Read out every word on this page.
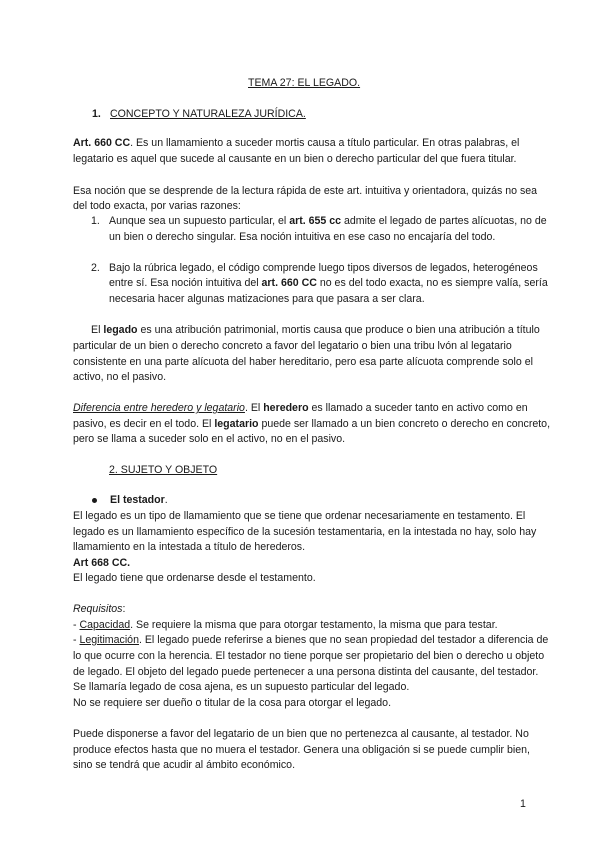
TEMA 27: EL LEGADO.
1. CONCEPTO Y NATURALEZA JURÍDICA.
Art. 660 CC. Es un llamamiento a suceder mortis causa a título particular. En otras palabras, el
legatario es aquel que sucede al causante en un bien o derecho particular del que fuera titular.
Esa noción que se desprende de la lectura rápida de este art. intuitiva y orientadora, quizás no sea
del todo exacta, por varias razones:
1. Aunque sea un supuesto particular, el art. 655 cc admite el legado de partes alícuotas, no de
un bien o derecho singular. Esa noción intuitiva en ese caso no encajaría del todo.
2. Bajo la rúbrica legado, el código comprende luego tipos diversos de legados, heterogéneos
entre sí. Esa noción intuitiva del art. 660 CC no es del todo exacta, no es siempre valía, sería
necesaria hacer algunas matizaciones para que pasara a ser clara.
El legado es una atribución patrimonial, mortis causa que produce o bien una atribución a título
particular de un bien o derecho concreto a favor del legatario o bien una tribu lvón al legatario
consistente en una parte alícuota del haber hereditario, pero esa parte alícuota comprende solo el
activo, no el pasivo.
Diferencia entre heredero y legatario. El heredero es llamado a suceder tanto en activo como en
pasivo, es decir en el todo. El legatario puede ser llamado a un bien concreto o derecho en concreto,
pero se llama a suceder solo en el activo, no en el pasivo.
2. SUJETO Y OBJETO
El testador.
El legado es un tipo de llamamiento que se tiene que ordenar necesariamente en testamento. El
legado es un llamamiento específico de la sucesión testamentaria, en la intestada no hay, solo hay
llamamiento en la intestada a título de herederos.
Art 668 CC.
El legado tiene que ordenarse desde el testamento.
Requisitos:
- Capacidad. Se requiere la misma que para otorgar testamento, la misma que para testar.
- Legitimación. El legado puede referirse a bienes que no sean propiedad del testador a diferencia de
lo que ocurre con la herencia. El testador no tiene porque ser propietario del bien o derecho u objeto
de legado. El objeto del legado puede pertenecer a una persona distinta del causante, del testador.
Se llamaría legado de cosa ajena, es un supuesto particular del legado.
No se requiere ser dueño o titular de la cosa para otorgar el legado.
Puede disponerse a favor del legatario de un bien que no pertenezca al causante, al testador. No
produce efectos hasta que no muera el testador. Genera una obligación si se puede cumplir bien,
sino se tendrá que acudir al ámbito económico.
1
